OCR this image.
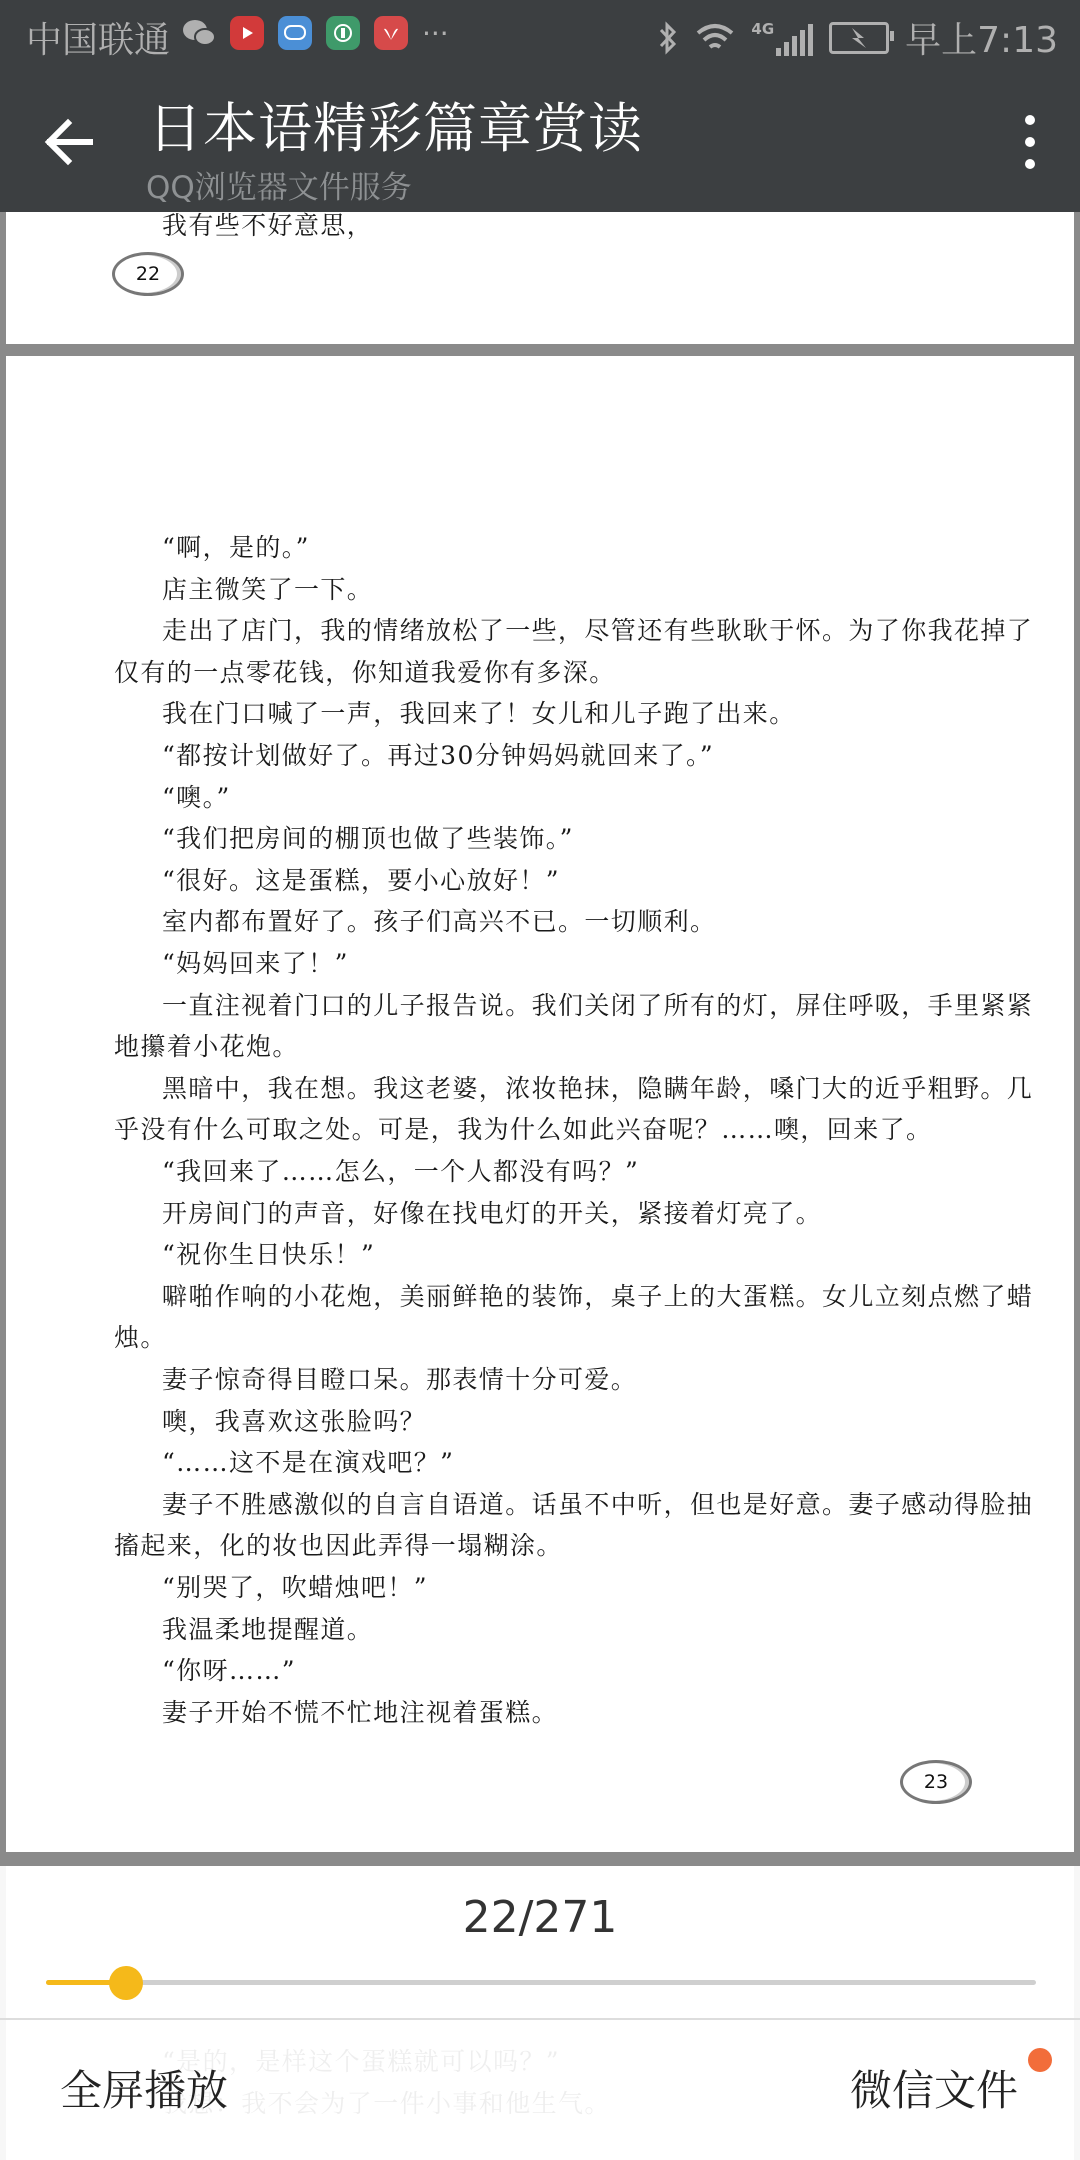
中国联通	···	4G	早上7:13
日本语精彩篇章赏读
QQ浏览器文件服务
我有些不好意思，
22
“啊，是的。”
店主微笑了一下。
走出了店门，我的情绪放松了一些，尽管还有些耿耿于怀。为了你我花掉了
仅有的一点零花钱，你知道我爱你有多深。
我在门口喊了一声，我回来了！女儿和儿子跑了出来。
“都按计划做好了。再过30分钟妈妈就回来了。”
“噢。”
“我们把房间的棚顶也做了些装饰。”
“很好。这是蛋糕，要小心放好！”
室内都布置好了。孩子们高兴不已。一切顺利。
“妈妈回来了！”
一直注视着门口的儿子报告说。我们关闭了所有的灯，屏住呼吸，手里紧紧
地攥着小花炮。
黑暗中，我在想。我这老婆，浓妆艳抹，隐瞒年龄，嗓门大的近乎粗野。几
乎没有什么可取之处。可是，我为什么如此兴奋呢？……噢，回来了。
“我回来了……怎么，一个人都没有吗？”
开房间门的声音，好像在找电灯的开关，紧接着灯亮了。
“祝你生日快乐！”
噼啪作响的小花炮，美丽鲜艳的装饰，桌子上的大蛋糕。女儿立刻点燃了蜡
烛。
妻子惊奇得目瞪口呆。那表情十分可爱。
噢，我喜欢这张脸吗？
“……这不是在演戏吧？”
妻子不胜感激似的自言自语道。话虽不中听，但也是好意。妻子感动得脸抽
搐起来，化的妆也因此弄得一塌糊涂。
“别哭了，吹蜡烛吧！”
我温柔地提醒道。
“你呀……”
妻子开始不慌不忙地注视着蛋糕。
23
22/271
全屏播放	微信文件
